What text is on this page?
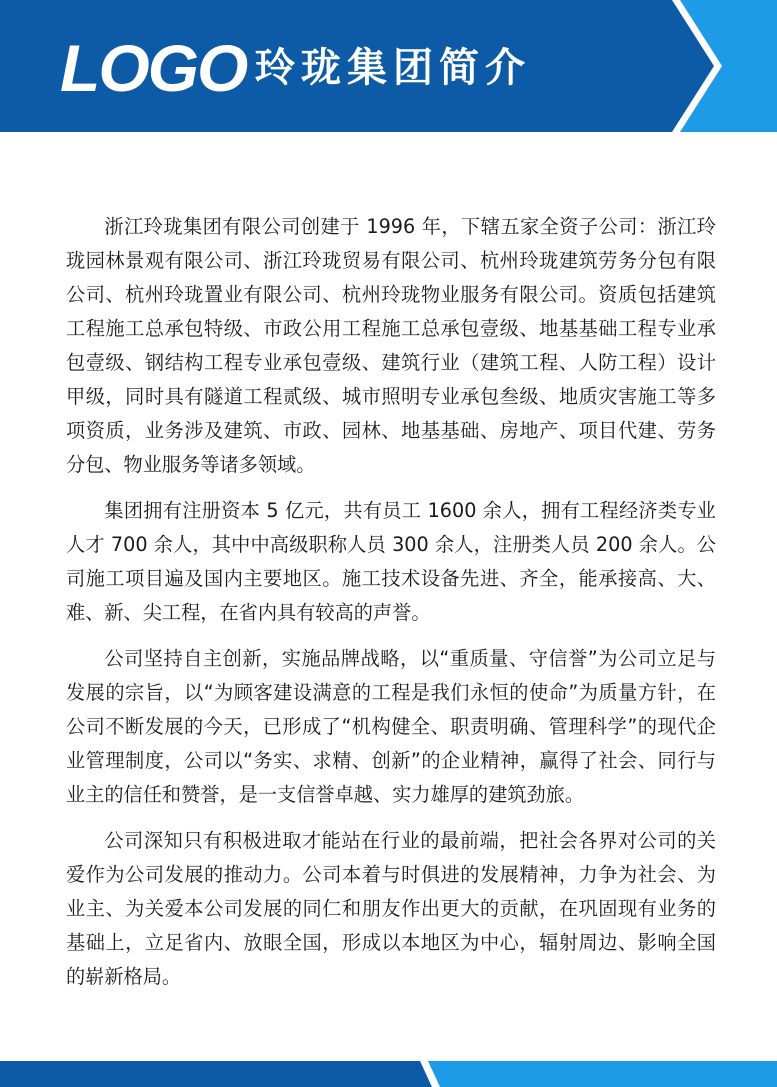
LOGO 玲珑集团简介

浙江玲珑集团有限公司创建于 1996 年，下辖五家全资子公司：浙江玲珑园林景观有限公司、浙江玲珑贸易有限公司、杭州玲珑建筑劳务分包有限公司、杭州玲珑置业有限公司、杭州玲珑物业服务有限公司。资质包括建筑工程施工总承包特级、市政公用工程施工总承包壹级、地基基础工程专业承包壹级、钢结构工程专业承包壹级、建筑行业（建筑工程、人防工程）设计甲级，同时具有隧道工程贰级、城市照明专业承包叁级、地质灾害施工等多项资质，业务涉及建筑、市政、园林、地基基础、房地产、项目代建、劳务分包、物业服务等诸多领域。

集团拥有注册资本 5 亿元，共有员工 1600 余人，拥有工程经济类专业人才 700 余人，其中中高级职称人员 300 余人，注册类人员 200 余人。公司施工项目遍及国内主要地区。施工技术设备先进、齐全，能承接高、大、难、新、尖工程，在省内具有较高的声誉。

公司坚持自主创新，实施品牌战略，以“重质量、守信誉”为公司立足与发展的宗旨，以“为顾客建设满意的工程是我们永恒的使命”为质量方针，在公司不断发展的今天，已形成了“机构健全、职责明确、管理科学”的现代企业管理制度，公司以“务实、求精、创新”的企业精神，赢得了社会、同行与业主的信任和赞誉，是一支信誉卓越、实力雄厚的建筑劲旅。

公司深知只有积极进取才能站在行业的最前端，把社会各界对公司的关爱作为公司发展的推动力。公司本着与时俱进的发展精神，力争为社会、为业主、为关爱本公司发展的同仁和朋友作出更大的贡献，在巩固现有业务的基础上，立足省内、放眼全国，形成以本地区为中心，辐射周边、影响全国的崭新格局。
